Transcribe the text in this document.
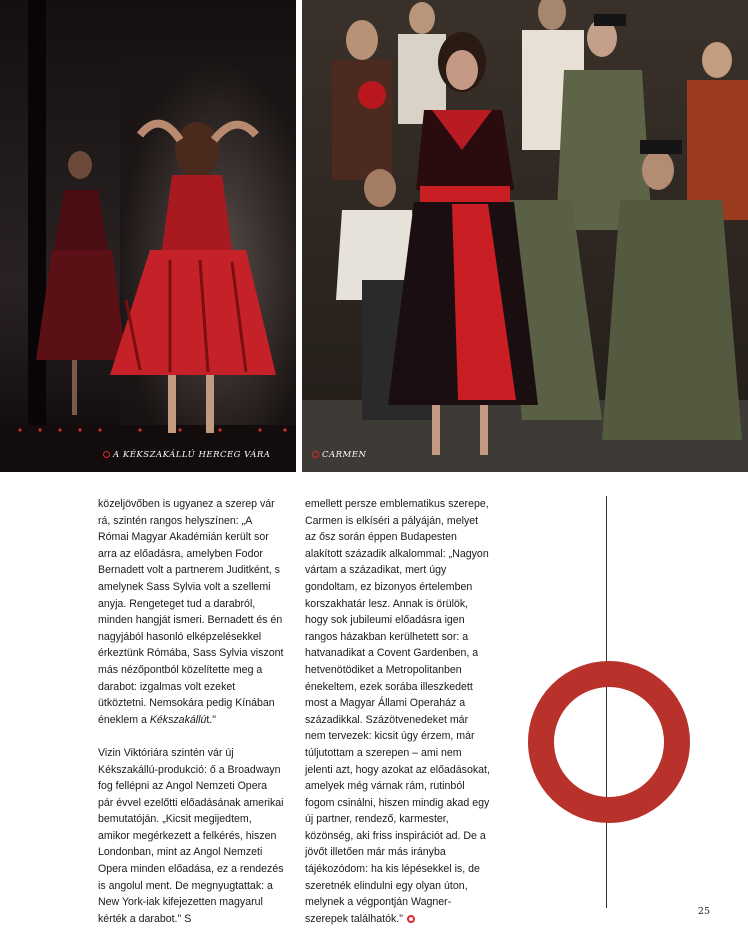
A KÉKSZAKÁLLÚ HERCEG VÁRA	CARMEN

közeljövőben is ugyanez a szerep vár rá, szintén rangos helyszínen: „A Római Magyar Akadémián került sor arra az előadásra, amelyben Fodor Bernadett volt a partnerem Juditként, s amelynek Sass Sylvia volt a szellemi anyja. Rengeteget tud a darabról, minden hangját ismeri. Bernadett és én nagyjából hasonló elképzelésekkel érkeztünk Rómába, Sass Sylvia viszont más nézőpontból közelítette meg a darabot: izgalmas volt ezeket ütköztetni. Nemsokára pedig Kínában éneklem a Kékszakállút."

Vizin Viktóriára szintén vár új Kékszakállú-produkció: ő a Broadwayn fog fellépni az Angol Nemzeti Opera pár évvel ezelőtti előadásának amerikai bemutatóján. „Kicsit megijedtem, amikor megérkezett a felkérés, hiszen Londonban, mint az Angol Nemzeti Opera minden előadása, ez a rendezés is angolul ment. De megnyugtattak: a New York-iak kifejezetten magyarul kérték a darabot." S

emellett persze emblematikus szerepe, Carmen is elkíséri a pályáján, melyet az ősz során éppen Budapesten alakított századik alkalommal: „Nagyon vártam a századikat, mert úgy gondoltam, ez bizonyos értelemben korszakhatár lesz. Annak is örülök, hogy sok jubileumi előadásra igen rangos házakban kerülhetett sor: a hatvanadikat a Covent Gardenben, a hetvenötödiket a Metropolitanben énekeltem, ezek sorába illeszkedett most a Magyar Állami Operaház a századikkal. Százötvenedeket már nem tervezek: kicsit úgy érzem, már túljutottam a szerepen – ami nem jelenti azt, hogy azokat az előadásokat, amelyek még várnak rám, rutinból fogom csinálni, hiszen mindig akad egy új partner, rendező, karmester, közönség, aki friss inspirációt ad. De a jövőt illetően már más irányba tájékozódom: ha kis lépésekkel is, de szeretnék elindulni egy olyan úton, melynek a végpontján Wagner-szerepek találhatók."

25
